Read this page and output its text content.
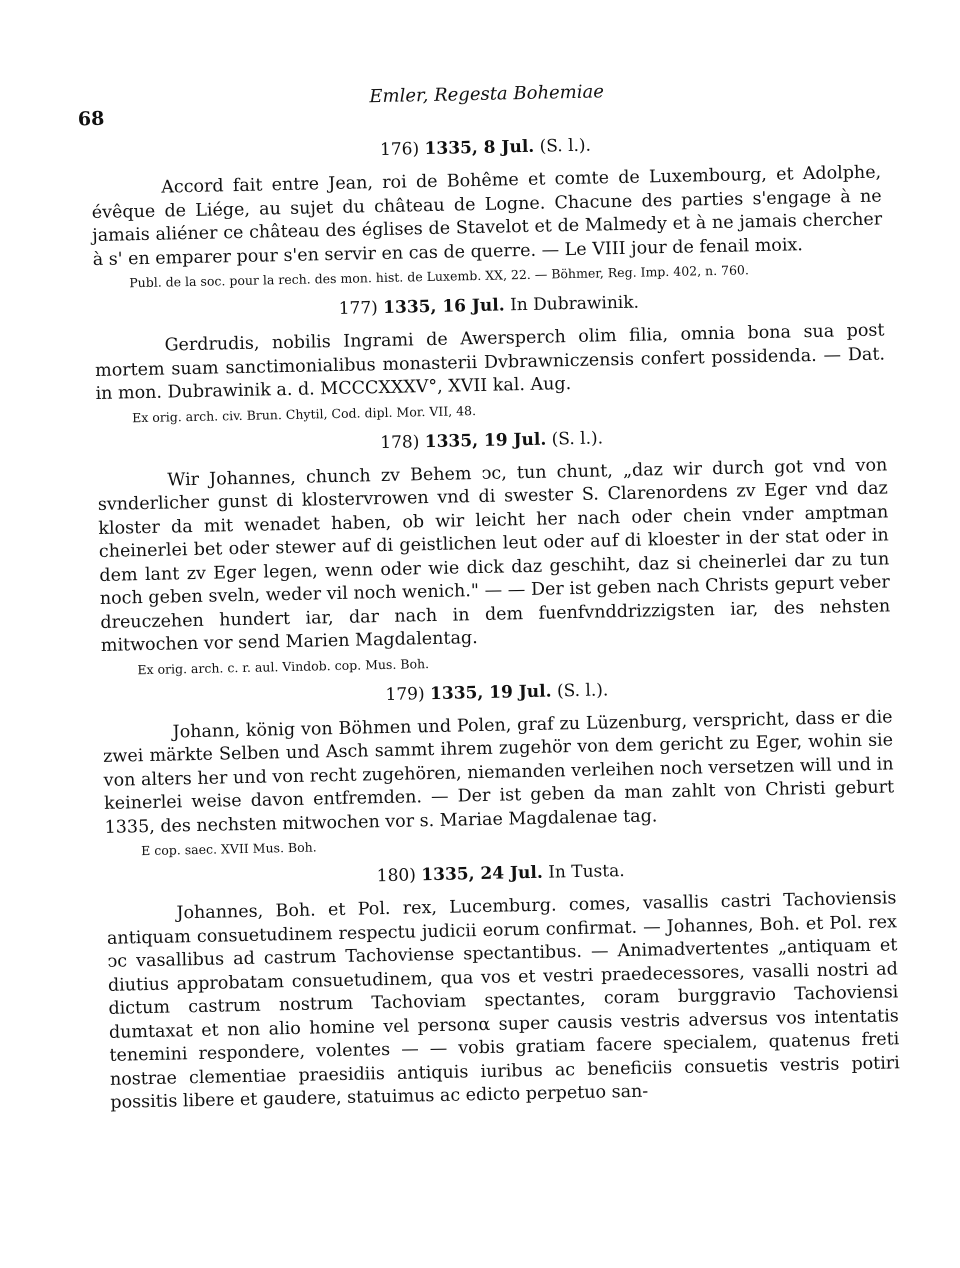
68
Emler, Regesta Bohemiae
176) 1335, 8 Jul. (S. l.).

Accord fait entre Jean, roi de Bohême et comte de Luxembourg, et Adolphe, évêque de Liége, au sujet du château de Logne. Chacune des parties s'engage à ne jamais aliéner ce château des églises de Stavelot et de Malmedy et à ne jamais chercher à s' en emparer pour s'en servir en cas de querre. — Le VIII jour de fenail moix.

Publ. de la soc. pour la rech. des mon. hist. de Luxemb. XX, 22. — Böhmer, Reg. Imp. 402, n. 760.
177) 1335, 16 Jul. In Dubrawinik.

Gerdrudis, nobilis Ingrami de Awersperch olim filia, omnia bona sua post mortem suam sanctimonialibus monasterii Dvbrawniczensis confert possidenda. — Dat. in mon. Dubrawinik a. d. MCCCXXXV°, XVII kal. Aug.

Ex orig. arch. civ. Brun. Chytil, Cod. dipl. Mor. VII, 48.
178) 1335, 19 Jul. (S. l.).

Wir Johannes, chunch zv Behem ↄc, tun chunt, „daz wir durch got vnd von svnderlicher gunst di klostervrowen vnd di swester S. Clarenordens zv Eger vnd daz kloster da mit wenadet haben, ob wir leicht her nach oder chein vnder amptman cheinerlei bet oder stewer auf di geistlichen leut oder auf di kloester in der stat oder in dem lant zv Eger legen, wenn oder wie dick daz geschiht, daz si cheinerlei dar zu tun noch geben sveln, weder vil noch wenich." — — Der ist geben nach Christs gepurt veber dreuczehen hundert iar, dar nach in dem fuenfvnddrizzigsten iar, des nehsten mitwochen vor send Marien Magdalentag.

Ex orig. arch. c. r. aul. Vindob. cop. Mus. Boh.
179) 1335, 19 Jul. (S. l.).

Johann, könig von Böhmen und Polen, graf zu Lüzenburg, verspricht, dass er die zwei märkte Selben und Asch sammt ihrem zugehör von dem gericht zu Eger, wohin sie von alters her und von recht zugehören, niemanden verleihen noch versetzen will und in keinerlei weise davon entfremden. — Der ist geben da man zahlt von Christi geburt 1335, des nechsten mitwochen vor s. Mariae Magdalenae tag.

E cop. saec. XVII Mus. Boh.
180) 1335, 24 Jul. In Tusta.

Johannes, Boh. et Pol. rex, Lucemburg. comes, vasallis castri Tachoviensis antiquam consuetudinem respectu judicii eorum confirmat. — Johannes, Boh. et Pol. rex ↄc vasallibus ad castrum Tachoviense spectantibus. — Animadvertentes „antiquam et diutius approbatam consuetudinem, qua vos et vestri praedecessores, vasalli nostri ad dictum castrum nostrum Tachoviam spectantes, coram burggravio Tachoviensi dumtaxat et non alio homine vel personα super causis vestris adversus vos intentatis tenemini respondere, volentes — — vobis gratiam facere specialem, quatenus freti nostrae clementiae praesidiis antiquis iuribus ac beneficiis consuetis vestris potiri possitis libere et gaudere, statuimus ac edicto perpetuo san-
